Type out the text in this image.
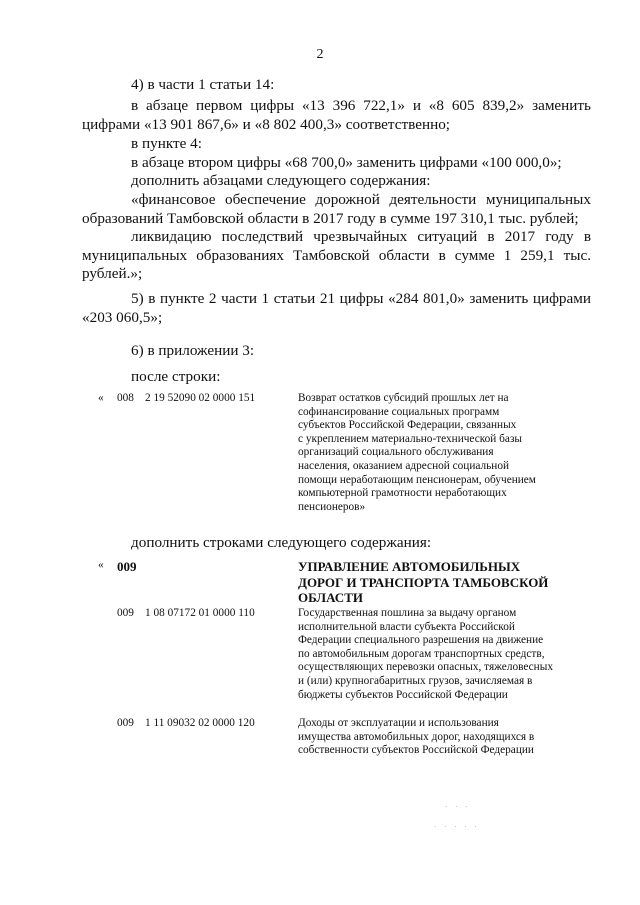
2
4) в части 1 статьи 14:
в абзаце первом цифры «13 396 722,1» и «8 605 839,2» заменить
цифрами «13 901 867,6» и «8 802 400,3» соответственно;
в пункте 4:
в абзаце втором цифры «68 700,0» заменить цифрами «100 000,0»;
дополнить абзацами следующего содержания:
«финансовое обеспечение дорожной деятельности муниципальных
образований Тамбовской области в 2017 году в сумме 197 310,1 тыс. рублей;
ликвидацию последствий чрезвычайных ситуаций в 2017 году в
муниципальных образованиях Тамбовской области в сумме 1 259,1 тыс.
рублей.»;
5) в пункте 2 части 1 статьи 21 цифры «284 801,0» заменить цифрами
«203 060,5»;
6) в приложении 3:
после строки:
« 008 2 19 52090 02 0000 151	Возврат остатков субсидий прошлых лет на
софинансирование социальных программ
субъектов Российской Федерации, связанных
с укреплением материально-технической базы
организаций социального обслуживания
населения, оказанием адресной социальной
помощи неработающим пенсионерам, обучением
компьютерной грамотности неработающих
пенсионеров»
дополнить строками следующего содержания:
« 009	УПРАВЛЕНИЕ АВТОМОБИЛЬНЫХ
ДОРОГ И ТРАНСПОРТА ТАМБОВСКОЙ
ОБЛАСТИ
009 1 08 07172 01 0000 110	Государственная пошлина за выдачу органом
исполнительной власти субъекта Российской
Федерации специального разрешения на движение
по автомобильным дорогам транспортных средств,
осуществляющих перевозки опасных, тяжеловесных
и (или) крупногабаритных грузов, зачисляемая в
бюджеты субъектов Российской Федерации
009 1 11 09032 02 0000 120	Доходы от эксплуатации и использования
имущества автомобильных дорог, находящихся в
собственности субъектов Российской Федерации
· · ·
· · · · ·
